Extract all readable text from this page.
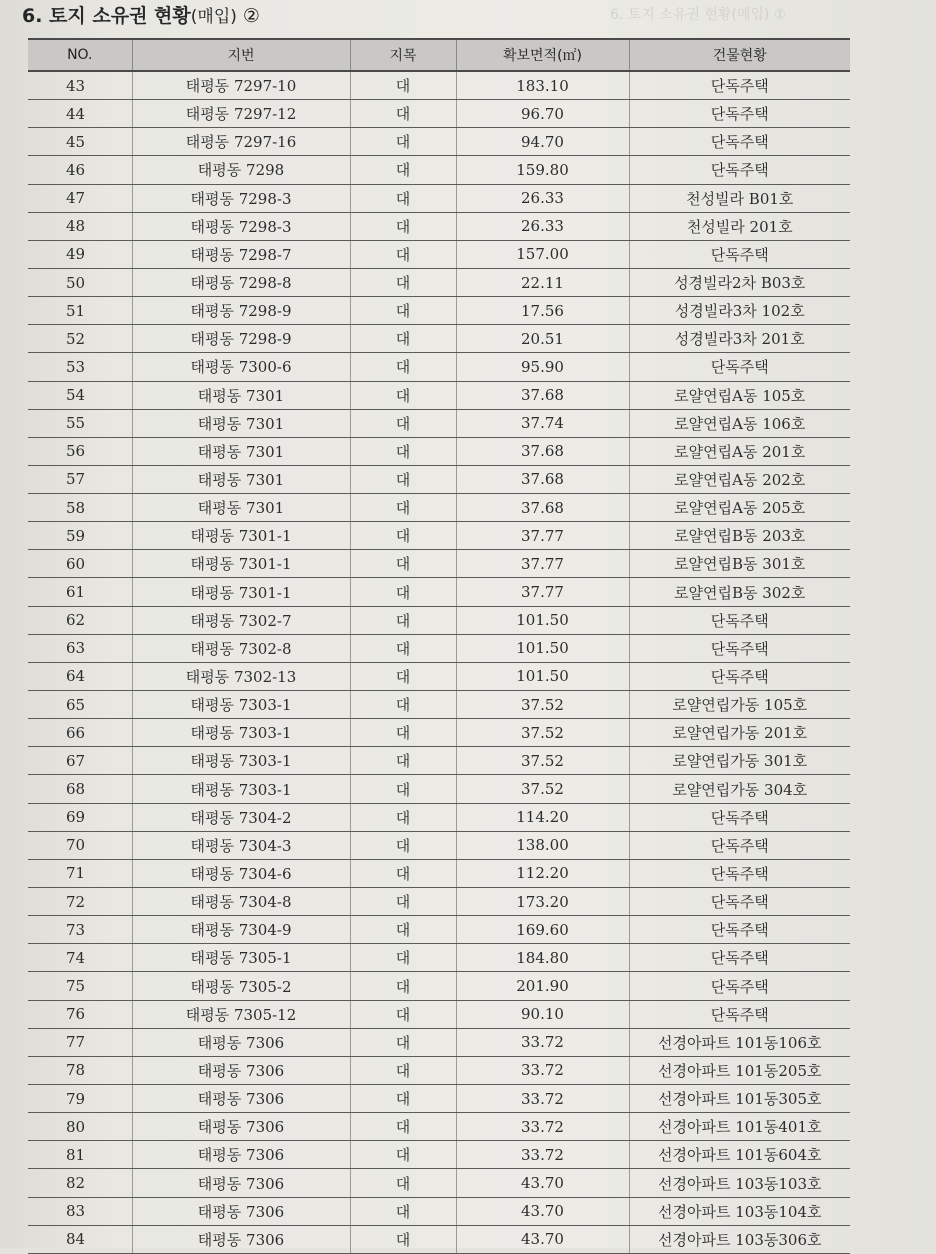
6. 토지 소유권 현황(매입) ②	6. 토지 소유권 현황(매입) ①
NO.	지번	지목	확보면적(㎡)	건물현황
43	태평동 7297-10	대	183.10	단독주택
44	태평동 7297-12	대	96.70	단독주택
45	태평동 7297-16	대	94.70	단독주택
46	태평동 7298	대	159.80	단독주택
47	태평동 7298-3	대	26.33	천성빌라 B01호
48	태평동 7298-3	대	26.33	천성빌라 201호
49	태평동 7298-7	대	157.00	단독주택
50	태평동 7298-8	대	22.11	성경빌라2차 B03호
51	태평동 7298-9	대	17.56	성경빌라3차 102호
52	태평동 7298-9	대	20.51	성경빌라3차 201호
53	태평동 7300-6	대	95.90	단독주택
54	태평동 7301	대	37.68	로얄연립A동 105호
55	태평동 7301	대	37.74	로얄연립A동 106호
56	태평동 7301	대	37.68	로얄연립A동 201호
57	태평동 7301	대	37.68	로얄연립A동 202호
58	태평동 7301	대	37.68	로얄연립A동 205호
59	태평동 7301-1	대	37.77	로얄연립B동 203호
60	태평동 7301-1	대	37.77	로얄연립B동 301호
61	태평동 7301-1	대	37.77	로얄연립B동 302호
62	태평동 7302-7	대	101.50	단독주택
63	태평동 7302-8	대	101.50	단독주택
64	태평동 7302-13	대	101.50	단독주택
65	태평동 7303-1	대	37.52	로얄연립가동 105호
66	태평동 7303-1	대	37.52	로얄연립가동 201호
67	태평동 7303-1	대	37.52	로얄연립가동 301호
68	태평동 7303-1	대	37.52	로얄연립가동 304호
69	태평동 7304-2	대	114.20	단독주택
70	태평동 7304-3	대	138.00	단독주택
71	태평동 7304-6	대	112.20	단독주택
72	태평동 7304-8	대	173.20	단독주택
73	태평동 7304-9	대	169.60	단독주택
74	태평동 7305-1	대	184.80	단독주택
75	태평동 7305-2	대	201.90	단독주택
76	태평동 7305-12	대	90.10	단독주택
77	태평동 7306	대	33.72	선경아파트 101동106호
78	태평동 7306	대	33.72	선경아파트 101동205호
79	태평동 7306	대	33.72	선경아파트 101동305호
80	태평동 7306	대	33.72	선경아파트 101동401호
81	태평동 7306	대	33.72	선경아파트 101동604호
82	태평동 7306	대	43.70	선경아파트 103동103호
83	태평동 7306	대	43.70	선경아파트 103동104호
84	태평동 7306	대	43.70	선경아파트 103동306호
